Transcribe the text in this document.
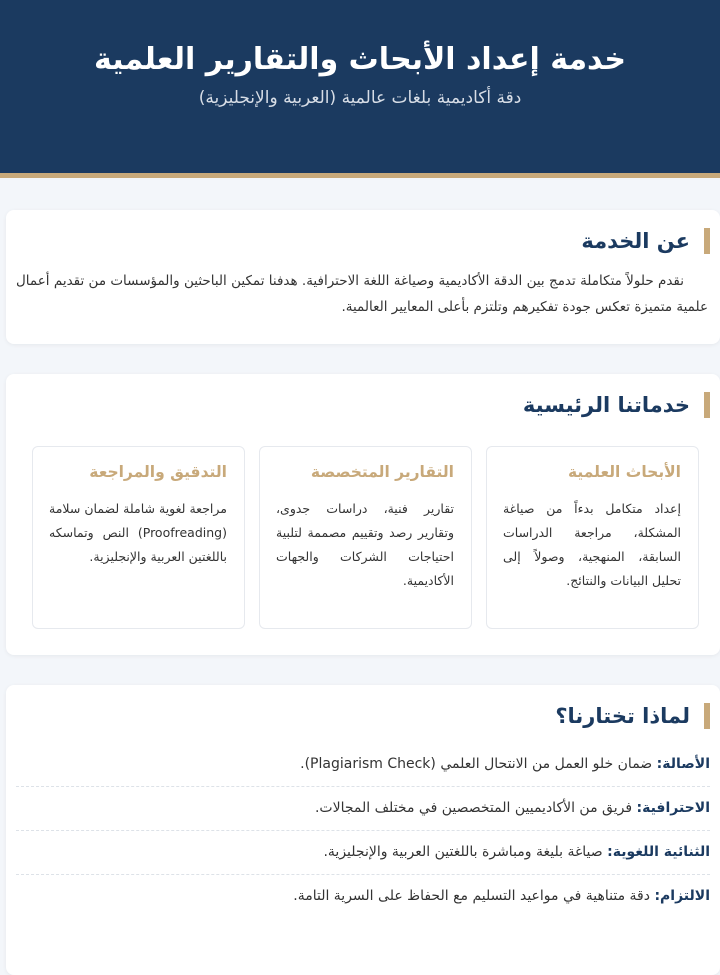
خدمة إعداد الأبحاث والتقارير العلمية

دقة أكاديمية بلغات عالمية (العربية والإنجليزية)

عن الخدمة

نقدم حلولاً متكاملة تدمج بين الدقة الأكاديمية وصياغة اللغة الاحترافية. هدفنا تمكين الباحثين والمؤسسات من تقديم أعمال علمية متميزة تعكس جودة تفكيرهم وتلتزم بأعلى المعايير العالمية.

خدماتنا الرئيسية
الأبحاث العلمية

إعداد متكامل بدءاً من صياغة المشكلة، مراجعة الدراسات السابقة، المنهجية، وصولاً إلى تحليل البيانات والنتائج.

التقارير المتخصصة

تقارير فنية، دراسات جدوى، وتقارير رصد وتقييم مصممة لتلبية احتياجات الشركات والجهات الأكاديمية.

التدقيق والمراجعة

مراجعة لغوية شاملة لضمان سلامة (Proofreading) النص وتماسكه باللغتين العربية والإنجليزية.

لماذا تختارنا؟
الأصالة: ضمان خلو العمل من الانتحال العلمي (Plagiarism Check).
الاحترافية: فريق من الأكاديميين المتخصصين في مختلف المجالات.
الثنائية اللغوية: صياغة بليغة ومباشرة باللغتين العربية والإنجليزية.
الالتزام: دقة متناهية في مواعيد التسليم مع الحفاظ على السرية التامة.
